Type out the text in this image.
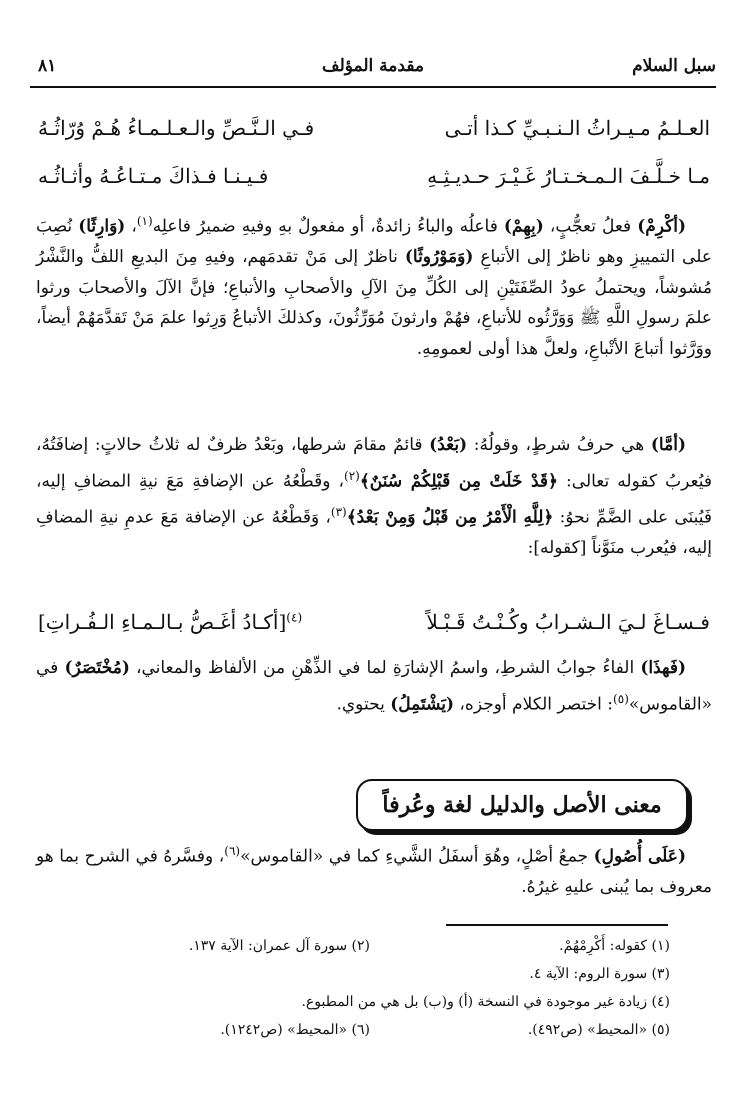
سبل السلام
مقدمة المؤلف
٨١
العـلـمُ مـيـراثُ الـنـبـيِّ كـذا أتـى
فـي الـنَّـصِّ والـعـلـمـاءُ هُـمْ وُرّاثُـهُ
مـا خـلَّـفَ الـمـخـتـارُ غَـيْـرَ حـديـثِـهِ
فـيـنـا فـذاكَ مـتـاعُـهُ وأثـاثُـه
(أكْرِمْ) فعلُ تعجُّبٍ، (بِهِمْ) فاعلُه والباءُ زائدةٌ، أو مفعولٌ بهِ وفيهِ ضميرُ فاعلِه$^{(١)}$، (وَارِثًا) نُصِبَ على التمييزِ وهو ناظرٌ إلى الأتباعِ (وَمَوْرُوثًا) ناظرٌ إلى مَنْ تقدمَهم، وفيهِ مِنَ البديعِ اللفُّ والنَّشْرُ مُشوشاً، ويحتملُ عودُ الصِّفَتَيْنِ إلى الكُلِّ مِنَ الآلِ والأصحابِ والأتباعِ؛ فإنَّ الآلَ والأصحابَ ورثوا علمَ رسولِ اللَّهِ ﷺ وَوَرَّثُوه للأتباعِ، فهُمْ وارثونَ مُوَرِّثُونَ، وكذلكَ الأتباعُ وَرِثوا علمَ مَنْ تَقدَّمَهُمْ أيضاً، ووَرَّثوا أتباعَ الأتْباعِ، ولعلَّ هذا أولى لعمومِهِ.
(أمَّا) هي حرفُ شرطٍ، وقولُهُ: (بَعْدُ) قائمٌ مقامَ شرطها، وبَعْدُ ظرفٌ له ثلاثُ حالاتٍ: إضافَتُهُ، فيُعربُ كقوله تعالى: ﴿قَدْ خَلَتْ مِن قَبْلِكُمْ سُنَنٌ﴾$^{(٢)}$، وقَطْعُهُ عن الإضافةِ مَعَ نيةِ المضافِ إليه، فَيُبنَى على الضَّمِّ نحوُ: ﴿لِلَّهِ الْأَمْرُ مِن قَبْلُ وَمِنْ بَعْدُ﴾$^{(٣)}$، وَقَطْعُهُ عن الإضافة مَعَ عدمِ نيةِ المضافِ إليه، فيُعرب منَوَّناً [كقوله]:
فـسـاغَ لـيَ الـشـرابُ وكُـنْـتُ قَـبْـلاً
$^{(٤)}$[أكـادُ أغَـصُّ بـالـمـاءِ الـفُـراتِ]
(فَهذَا) الفاءُ جوابُ الشرطِ، واسمُ الإشارَةِ لما في الذِّهْنِ من الألفاظ والمعاني، (مُخْتَصَرٌ) في «القاموس»$^{(٥)}$: اختصر الكلام أوجزه، (يَشْتَمِلُ) يحتوي.
معنى الأصل والدليل لغة وعُرفاً
(عَلَى أُصُولِ) جمعُ أصْلٍ، وهُوَ أسفَلُ الشَّيءِ كما في «القاموس»$^{(٦)}$، وفسَّرهُ في الشرح بما هو معروف بما يُبنى عليهِ غيرُهُ.
(١) كقوله: أَكْرِمْهُمْ.
(٢) سورة آل عمران: الآية ١٣٧.
(٣) سورة الروم: الآية ٤.
(٤) زيادة غير موجودة في النسخة (أ) و(ب) بل هي من المطبوع.
(٥) «المحيط» (ص٤٩٢).
(٦) «المحيط» (ص١٢٤٢).
